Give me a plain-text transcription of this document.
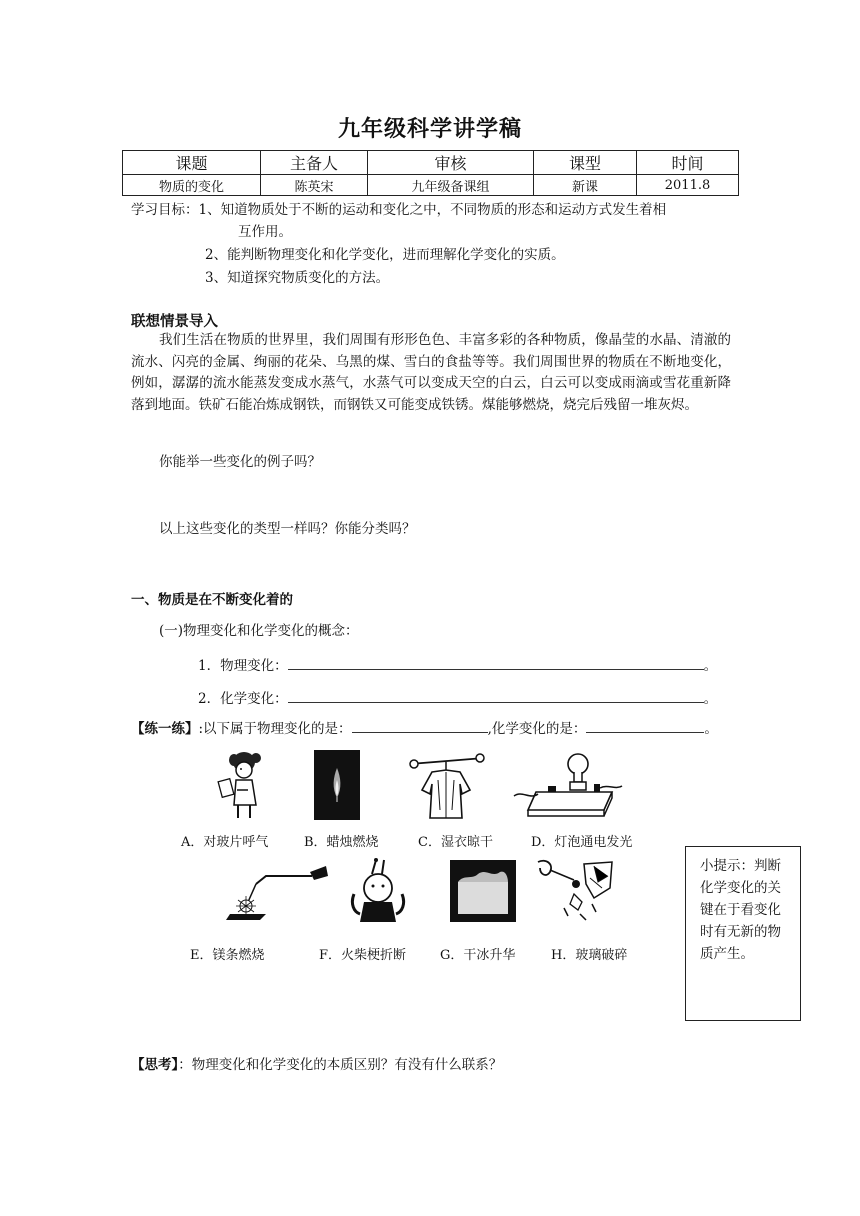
九年级科学讲学稿
课题	主备人	审核	课型	时间
物质的变化	陈英宋	九年级备课组	新课	2011.8
学习目标：1、知道物质处于不断的运动和变化之中，不同物质的形态和运动方式发生着相
互作用。
2、能判断物理变化和化学变化，进而理解化学变化的实质。
3、知道探究物质变化的方法。
联想情景导入
我们生活在物质的世界里，我们周围有形形色色、丰富多彩的各种物质，像晶莹的水晶、清澈的流水、闪亮的金属、绚丽的花朵、乌黑的煤、雪白的食盐等等。我们周围世界的物质在不断地变化，例如，潺潺的流水能蒸发变成水蒸气，水蒸气可以变成天空的白云，白云可以变成雨滴或雪花重新降落到地面。铁矿石能冶炼成钢铁，而钢铁又可能变成铁锈。煤能够燃烧，烧完后残留一堆灰烬。
你能举一些变化的例子吗？
以上这些变化的类型一样吗？你能分类吗？
一、物质是在不断变化着的
(一)物理变化和化学变化的概念：
1．物理变化：	。
2．化学变化：	。
【练一练】:以下属于物理变化的是：	,化学变化的是：	。
A．对玻片呼气	B．蜡烛燃烧	C．湿衣晾干	D．灯泡通电发光
E．镁条燃烧	F．火柴梗折断	G．干冰升华	H．玻璃破碎
小提示：判断化学变化的关键在于看变化时有无新的物质产生。
【思考】：物理变化和化学变化的本质区别？有没有什么联系？
